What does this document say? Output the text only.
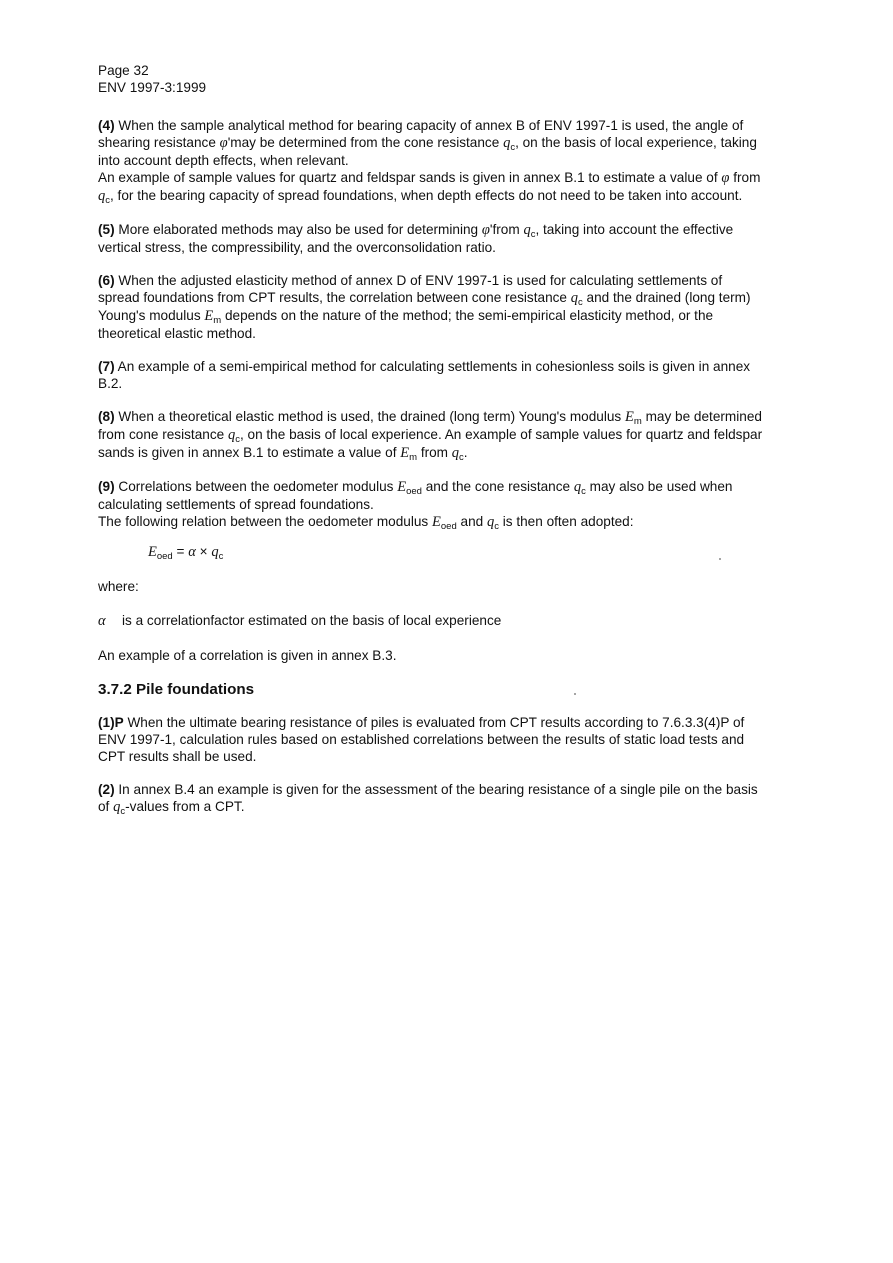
Page 32
ENV 1997-3:1999

(4) When the sample analytical method for bearing capacity of annex B of ENV 1997-1 is used, the angle of shearing resistance φ'may be determined from the cone resistance $q_c$, on the basis of local experience, taking into account depth effects, when relevant.
An example of sample values for quartz and feldspar sands is given in annex B.1 to estimate a value of φ from $q_c$, for the bearing capacity of spread foundations, when depth effects do not need to be taken into account.

(5) More elaborated methods may also be used for determining φ'from $q_c$, taking into account the effective vertical stress, the compressibility, and the overconsolidation ratio.

(6) When the adjusted elasticity method of annex D of ENV 1997-1 is used for calculating settlements of spread foundations from CPT results, the correlation between cone resistance $q_c$ and the drained (long term) Young's modulus $E_m$ depends on the nature of the method; the semi-empirical elasticity method, or the theoretical elastic method.

(7) An example of a semi-empirical method for calculating settlements in cohesionless soils is given in annex B.2.

(8) When a theoretical elastic method is used, the drained (long term) Young's modulus $E_m$ may be determined from cone resistance $q_c$, on the basis of local experience. An example of sample values for quartz and feldspar sands is given in annex B.1 to estimate a value of $E_m$ from $q_c$.

(9) Correlations between the oedometer modulus $E_{oed}$ and the cone resistance $q_c$ may also be used when calculating settlements of spread foundations.
The following relation between the oedometer modulus $E_{oed}$ and $q_c$ is then often adopted:

$E_{oed} = \alpha \times q_c$
where:
α is a correlationfactor estimated on the basis of local experience

An example of a correlation is given in annex B.3.

3.7.2 Pile foundations

(1)P When the ultimate bearing resistance of piles is evaluated from CPT results according to 7.6.3.3(4)P of ENV 1997-1, calculation rules based on established correlations between the results of static load tests and CPT results shall be used.

(2) In annex B.4 an example is given for the assessment of the bearing resistance of a single pile on the basis of $q_c$-values from a CPT.
